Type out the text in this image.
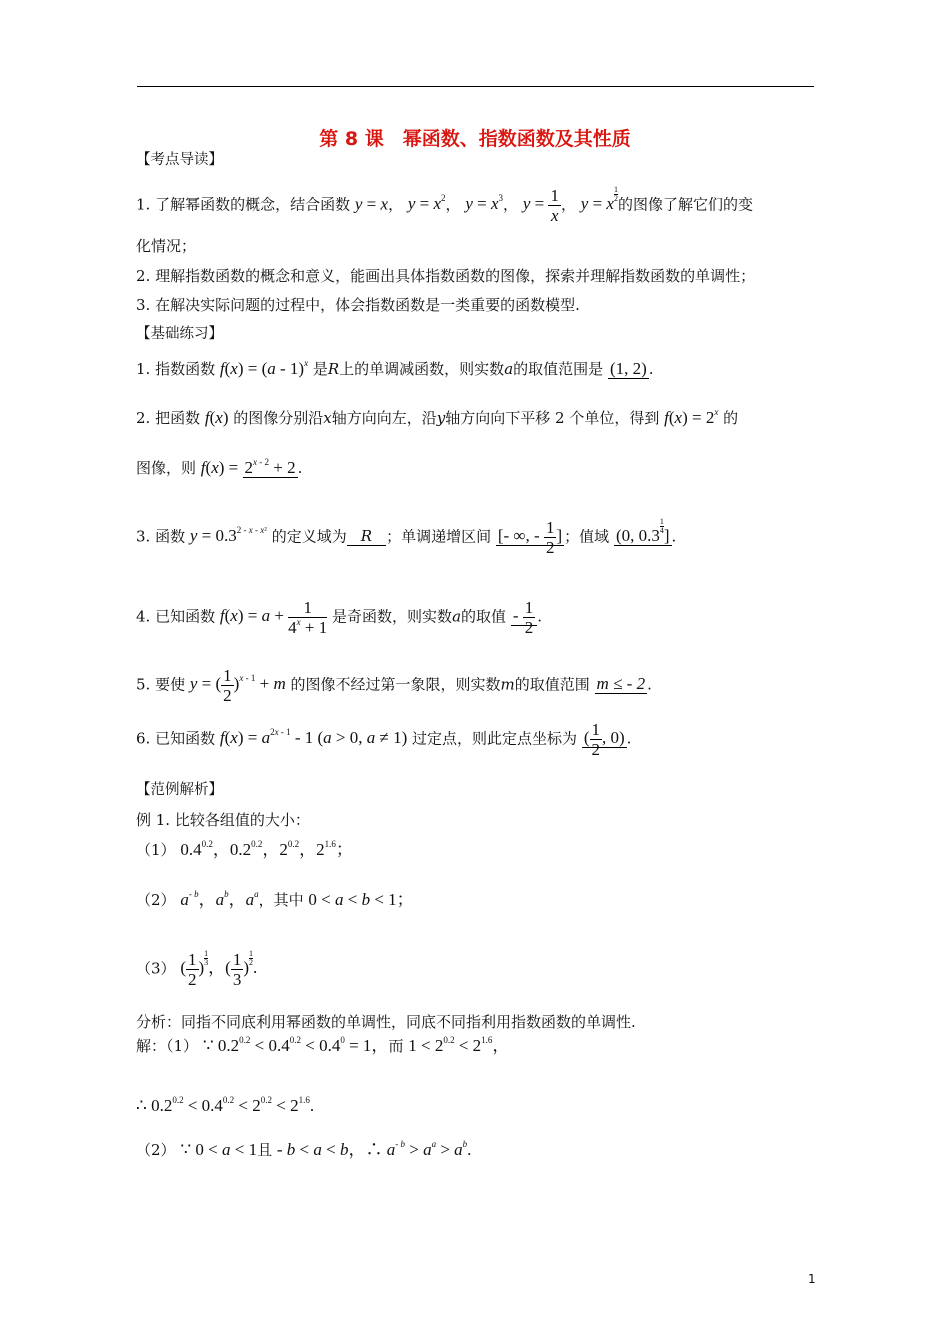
第 8 课　幂函数、指数函数及其性质
【考点导读】
1. 了解幂函数的概念，结合函数 y = x， $y = x^2$， $y = x^3$， $y = \frac{1}{x}$ ， y = x $\frac{1}{2}$
的图像了解它们的变
化情况；
2. 理解指数函数的概念和意义，能画出具体指数函数的图像，探索并理解指数函数的单调性；
3. 在解决实际问题的过程中，体会指数函数是一类重要的函数模型.
【基础练习】
1. 指数函数 f(x) = (a - 1)$^x$ 是R上的单调减函数，则实数a的取值范围是 (1, 2) .
2. 把函数 f(x) 的图像分别沿x轴方向向左，沿y轴方向向下平移 2 个单位，得到 $f(x) = 2^x$ 的
图像，则 $f(x) = 2^{x - 2} + 2$ .
3. 函数 $y = 0.3^{2 - x - x^2}$ 的定义域为 R ；单调递增区间 [- ∞, - $\frac{1}{2}$ ] ；值域 (0, $0.3 \frac{1}{4}$ ] .
4. 已知函数 $f(x) = a + \frac{1}{4^x + 1}$ 是奇函数，则实数a的取值 - $\frac{1}{2}$ .
5. 要使 y = ( $\frac{1}{2} )^{x - 1} + m$ 的图像不经过第一象限，则实数m的取值范围 m ≤ - 2 .
6. 已知函数 $f(x) = a^{2x - 1} - 1$ (a > 0, a ≠ 1) 过定点，则此定点坐标为 ( $\frac{1}{2}$ , 0) .
【范例解析】
例 1. 比较各组值的大小：
（1） $0.4^{0.2}$，$0.2^{0.2}$，$2^{0.2}$，$2^{1.6}$；
（2） $a^{- b}$，$a^b$，$a^a$，其中 0 < a < b < 1；
（3） ( $\frac{1}{2}$ ) $\frac{1}{3}$ ，( $\frac{1}{3}$ ) $\frac{1}{2}$ .
分析：同指不同底利用幂函数的单调性，同底不同指利用指数函数的单调性.
解：（1） ∵ $0.2^{0.2} < 0.4^{0.2} < 0.4^0 = 1$，而 $1 < 2^{0.2} < 2^{1.6}$，
∴ $0.2^{0.2} < 0.4^{0.2} < 2^{0.2} < 2^{1.6}$.
（2） ∵ 0 < a < 1且 - b < a < b，∴ $a^{- b} > a^a > a^b$.
1
